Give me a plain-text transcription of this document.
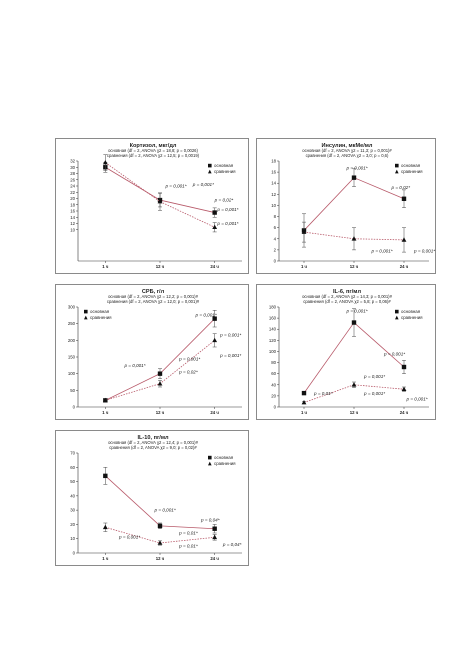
Кортизол, мкг/дл
основная (df = 2, ANOVA χ2 = 18,8; p = 0,0026)
сравнения (df = 2, ANOVA χ2 = 12,5; p = 0,0019)
10
12
14
16
18
20
22
24
26
28
30
32
1 ч	12 ч	24 ч
основная
сравнения
p = 0,001* p = 0,001*
p = 0,02*
p = 0,001*
p = 0,001*
Инсулин, мкМе/мл
основная (df = 2, ANOVA χ2 = 11,3; p = 0,001)#
сравнения (df = 2, ANOVA χ2 = 3,0; p = 0,6)
0
2
4
6
8
10
12
14
16
18
1 ч	12 ч	24 ч
основная
сравнения
p = 0,001*
p = 0,02*
p = 0,001*	p = 0,001*
СРБ, г/л
основная (df = 2, ANOVA χ2 = 12,2; p = 0,001)#
сравнения (df = 2, ANOVA χ2 = 12,0; p = 0,001)#
0
50
100
150
200
250
300
1 ч	12 ч	24 ч
основная
сравнения
p = 0,001*
p = 0,001*
p = 0,001*
p = 0,001*
p = 0,001*
p = 0,02*
IL-6, пг/мл
основная (df = 2, ANOVA χ2 = 14,3; p = 0,001)#
сравнения (df = 2, ANOVA χ2 = 5,8; p = 0,06)#
0
20
40
60
80
100
120
140
160
180
1 ч	12 ч	24 ч
основная
сравнения
p = 0,001*
p = 0,001*
p = 0,001*
p = 0,01*	p = 0,001*
p = 0,001*
IL-10, пг/мл
основная (df = 2, ANOVA χ2 = 12,4; p = 0,001)#
сравнения (df = 2, ANOVA χ2 = 9,0; p = 0,02)#
0
10
20
30
40
50
60
70
1 ч	12 ч	24 ч
основная
сравнения
p = 0,001*
p = 0,04*
p = 0,01*
p = 0,001*
p = 0,01*	p = 0,04*
